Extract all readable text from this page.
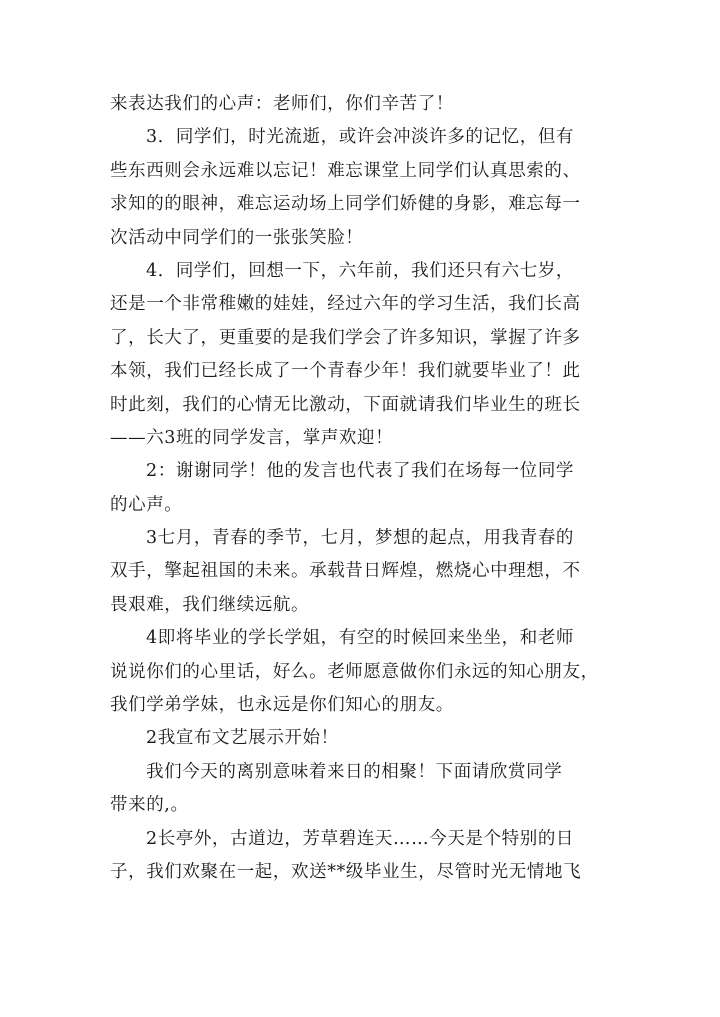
来表达我们的心声：老师们，你们辛苦了！
3．同学们，时光流逝，或许会冲淡许多的记忆，但有
些东西则会永远难以忘记！难忘课堂上同学们认真思索的、
求知的的眼神，难忘运动场上同学们娇健的身影，难忘每一
次活动中同学们的一张张笑脸！
4．同学们，回想一下，六年前，我们还只有六七岁，
还是一个非常稚嫩的娃娃，经过六年的学习生活，我们长高
了，长大了，更重要的是我们学会了许多知识，掌握了许多
本领，我们已经长成了一个青春少年！我们就要毕业了！此
时此刻，我们的心情无比激动，下面就请我们毕业生的班长
——六3班的同学发言，掌声欢迎！
2：谢谢同学！他的发言也代表了我们在场每一位同学
的心声。
3七月，青春的季节，七月，梦想的起点，用我青春的
双手，擎起祖国的未来。承载昔日辉煌，燃烧心中理想，不
畏艰难，我们继续远航。
4即将毕业的学长学姐，有空的时候回来坐坐，和老师
说说你们的心里话，好么。老师愿意做你们永远的知心朋友，
我们学弟学妹，也永远是你们知心的朋友。
2我宣布文艺展示开始！
我们今天的离别意味着来日的相聚！下面请欣赏同学
带来的,。
2长亭外，古道边，芳草碧连天……今天是个特别的日
子，我们欢聚在一起，欢送**级毕业生，尽管时光无情地飞
